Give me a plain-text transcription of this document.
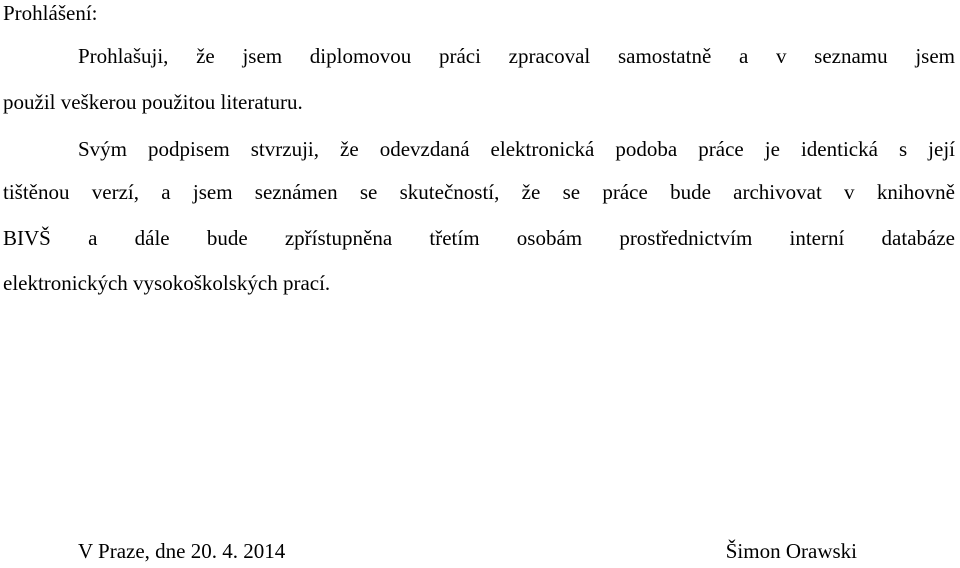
Prohlášení:
Prohlašuji, že jsem diplomovou práci zpracoval samostatně a v seznamu jsem
použil veškerou použitou literaturu.
Svým podpisem stvrzuji, že odevzdaná elektronická podoba práce je identická s její
tištěnou verzí, a jsem seznámen se skutečností, že se práce bude archivovat v knihovně
BIVŠ a dále bude zpřístupněna třetím osobám prostřednictvím interní databáze
elektronických vysokoškolských prací.
V Praze, dne 20. 4. 2014	Šimon Orawski
